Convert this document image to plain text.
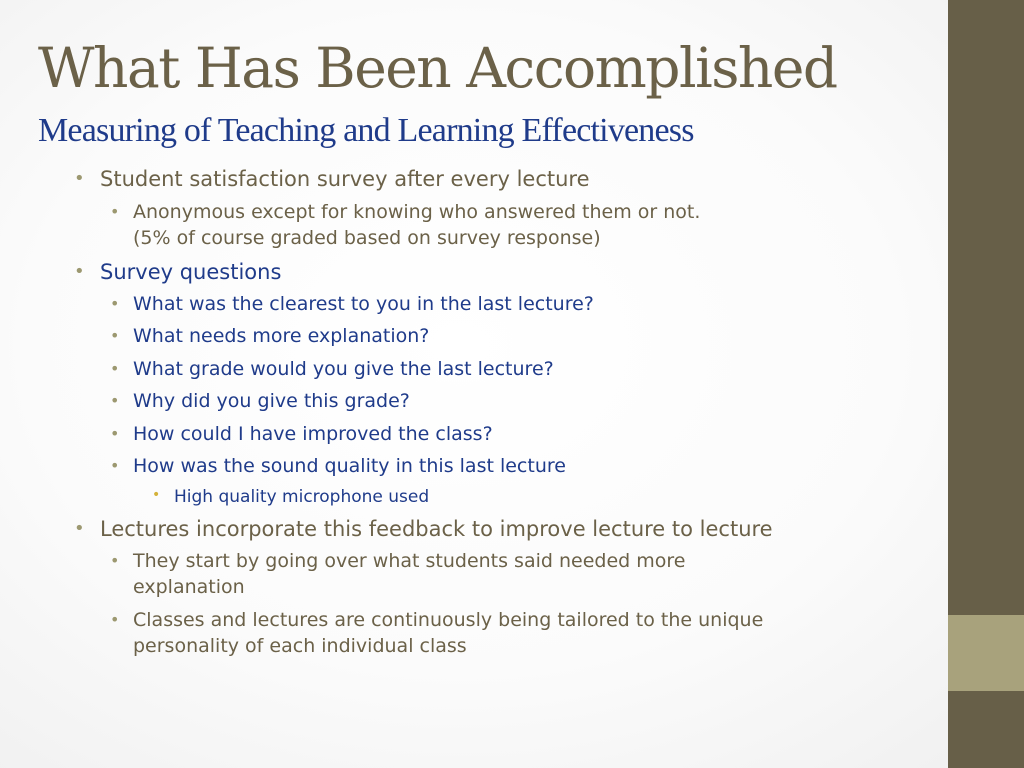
What Has Been Accomplished
Measuring of Teaching and Learning Effectiveness
• Student satisfaction survey after every lecture

• Anonymous except for knowing who answered them or not.

(5% of course graded based on survey response)

• Survey questions

• What was the clearest to you in the last lecture?

• What needs more explanation?

• What grade would you give the last lecture?

• Why did you give this grade?

• How could I have improved the class?

• How was the sound quality in this last lecture

• High quality microphone used

• Lectures incorporate this feedback to improve lecture to lecture

• They start by going over what students said needed more

explanation

• Classes and lectures are continuously being tailored to the unique

personality of each individual class
